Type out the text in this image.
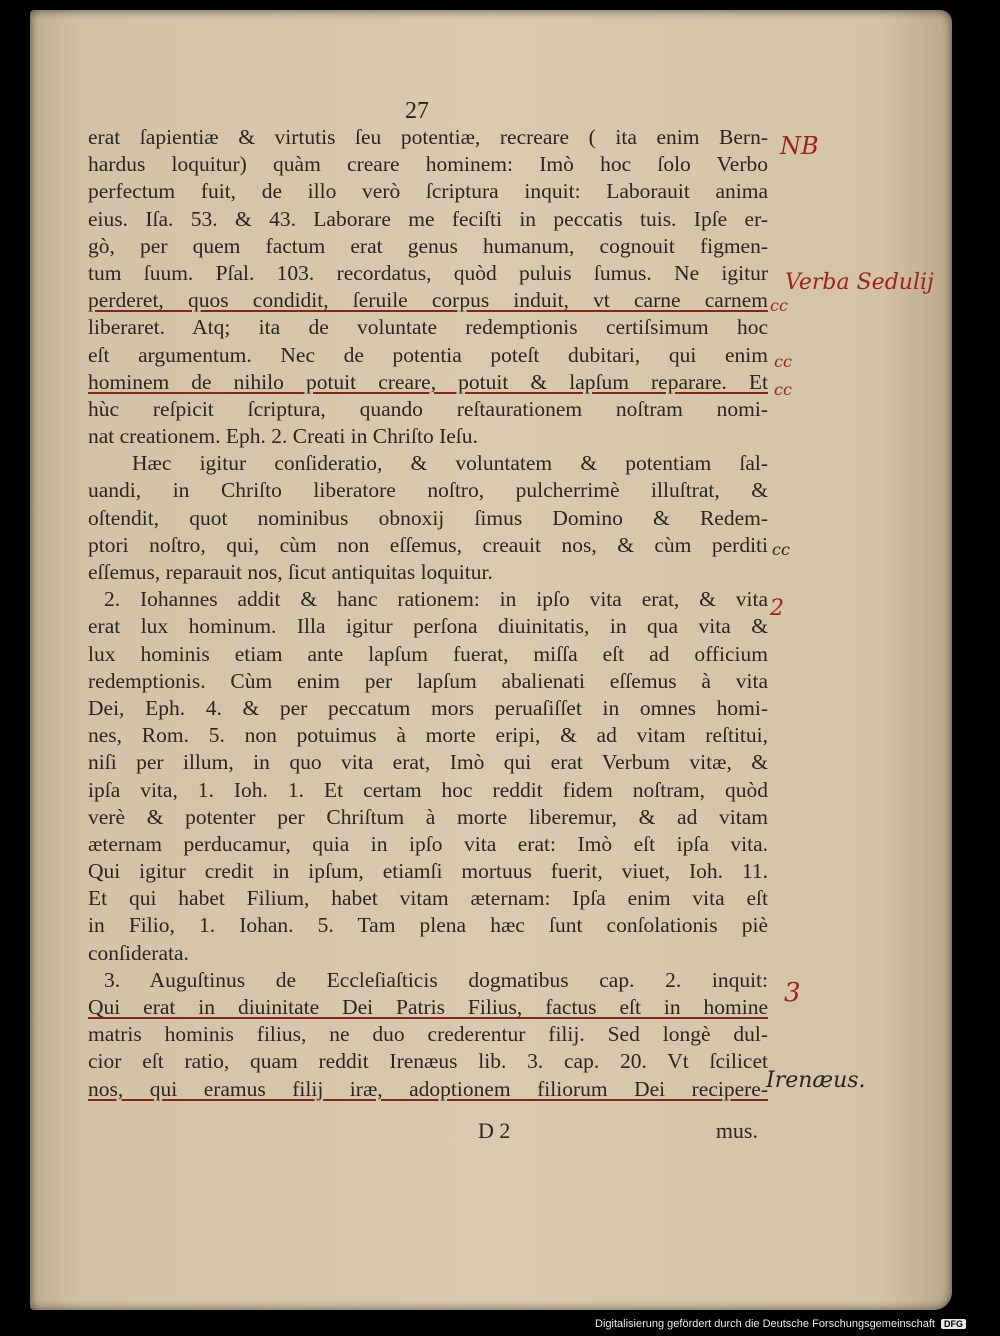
27
erat ſapientiæ & virtutis ſeu potentiæ, recreare ( ita enim Bern-
hardus loquitur) quàm creare hominem: Imò hoc ſolo Verbo
perfectum fuit, de illo verò ſcriptura inquit: Laborauit anima
eius. Iſa. 53. & 43. Laborare me feciſti in peccatis tuis. Ipſe er-
gò, per quem factum erat genus humanum, cognouit figmen-
tum ſuum. Pſal. 103. recordatus, quòd puluis ſumus. Ne igitur
perderet, quos condidit, ſeruile corpus induit, vt carne carnem
liberaret. Atq; ita de voluntate redemptionis certiſsimum hoc
eſt argumentum. Nec de potentia poteſt dubitari, qui enim
hominem de nihilo potuit creare, potuit & lapſum reparare. Et
hùc reſpicit ſcriptura, quando reſtaurationem noſtram nomi-
nat creationem. Eph. 2. Creati in Chriſto Ieſu.
Hæc igitur conſideratio, & voluntatem & potentiam ſal-
uandi, in Chriſto liberatore noſtro, pulcherrimè illuſtrat, &
oſtendit, quot nominibus obnoxij ſimus Domino & Redem-
ptori noſtro, qui, cùm non eſſemus, creauit nos, & cùm perditi
eſſemus, reparauit nos, ſicut antiquitas loquitur.
2. Iohannes addit & hanc rationem: in ipſo vita erat, & vita
erat lux hominum. Illa igitur perſona diuinitatis, in qua vita &
lux hominis etiam ante lapſum fuerat, miſſa eſt ad officium
redemptionis. Cùm enim per lapſum abalienati eſſemus à vita
Dei, Eph. 4. & per peccatum mors peruaſiſſet in omnes homi-
nes, Rom. 5. non potuimus à morte eripi, & ad vitam reſtitui,
niſi per illum, in quo vita erat, Imò qui erat Verbum vitæ, &
ipſa vita, 1. Ioh. 1. Et certam hoc reddit fidem noſtram, quòd
verè & potenter per Chriſtum à morte liberemur, & ad vitam
æternam perducamur, quia in ipſo vita erat: Imò eſt ipſa vita.
Qui igitur credit in ipſum, etiamſi mortuus fuerit, viuet, Ioh. 11.
Et qui habet Filium, habet vitam æternam: Ipſa enim vita eſt
in Filio, 1. Iohan. 5. Tam plena hæc ſunt conſolationis piè
conſiderata.
3. Auguſtinus de Eccleſiaſticis dogmatibus cap. 2. inquit:
Qui erat in diuinitate Dei Patris Filius, factus eſt in homine
matris hominis filius, ne duo crederentur filij. Sed longè dul-
cior eſt ratio, quam reddit Irenæus lib. 3. cap. 20. Vt ſcilicet
nos, qui eramus filij iræ, adoptionem filiorum Dei recipere-
NB
Verba Sedulij
cc
cc
cc
cc
2
3
Irenæus.
D 2	mus.
Digitalisierung gefördert durch die Deutsche Forschungsgemeinschaft	DFG
